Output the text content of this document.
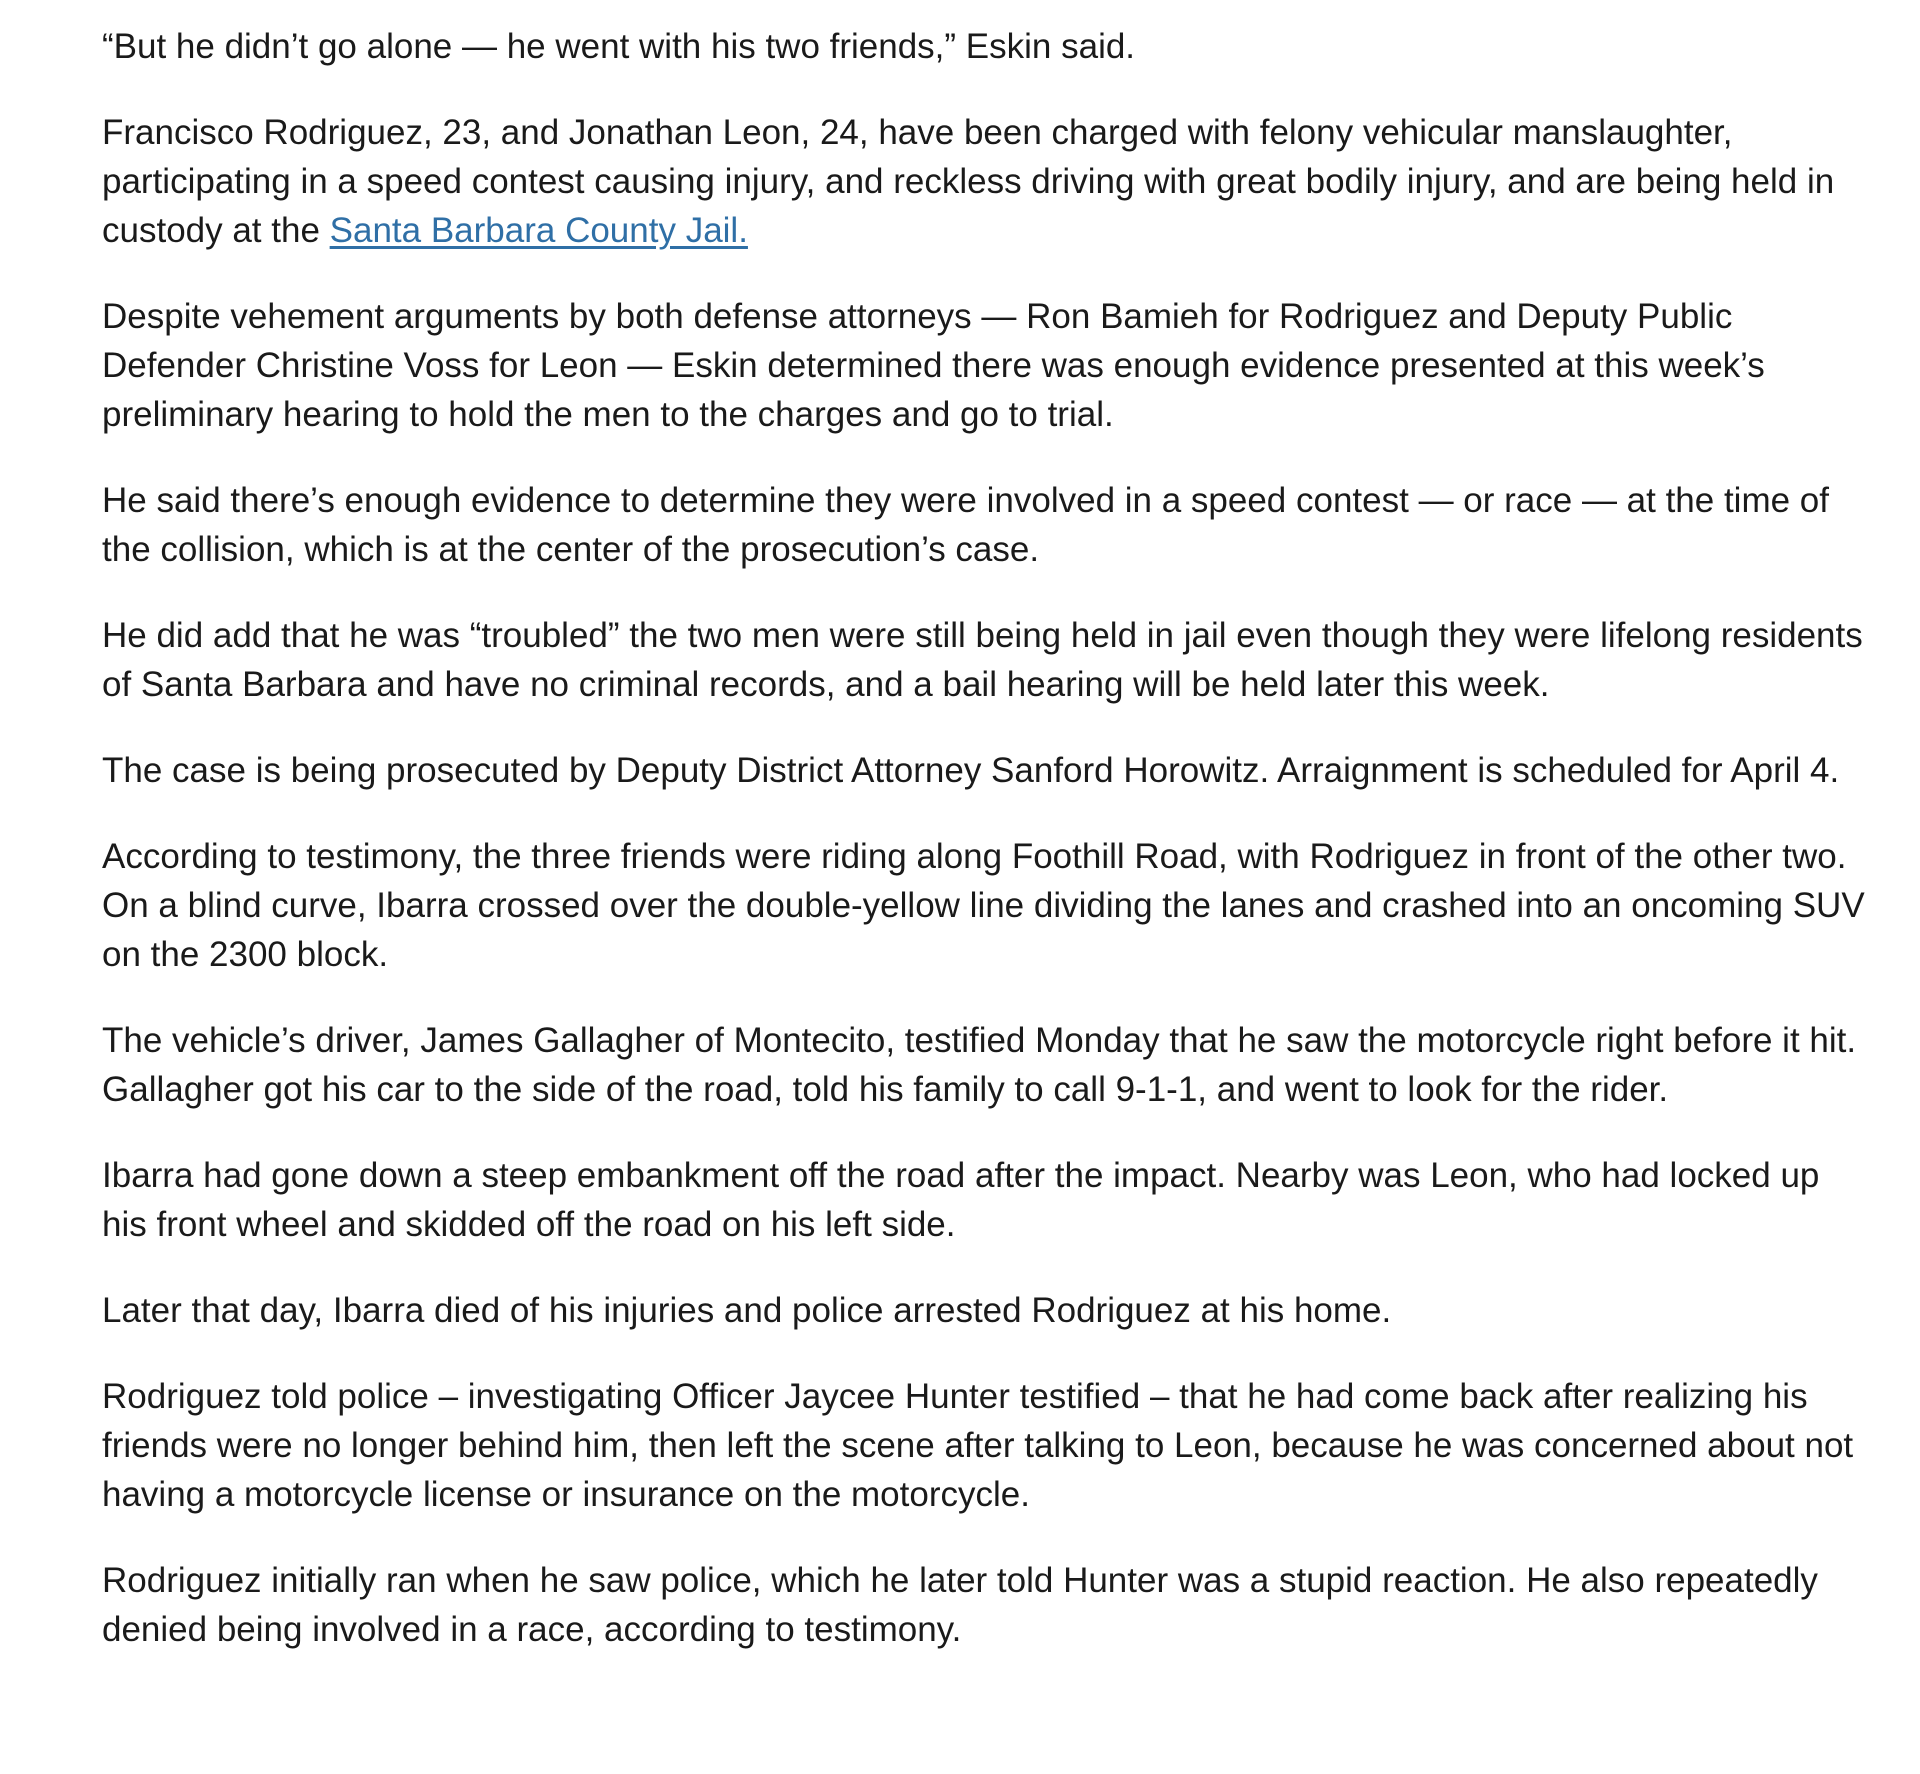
“But he didn’t go alone — he went with his two friends,” Eskin said.

Francisco Rodriguez, 23, and Jonathan Leon, 24, have been charged with felony vehicular manslaughter, participating in a speed contest causing injury, and reckless driving with great bodily injury, and are being held in custody at the Santa Barbara County Jail.

Despite vehement arguments by both defense attorneys — Ron Bamieh for Rodriguez and Deputy Public Defender Christine Voss for Leon — Eskin determined there was enough evidence presented at this week’s preliminary hearing to hold the men to the charges and go to trial.

He said there’s enough evidence to determine they were involved in a speed contest — or race — at the time of the collision, which is at the center of the prosecution’s case.

He did add that he was “troubled” the two men were still being held in jail even though they were lifelong residents of Santa Barbara and have no criminal records, and a bail hearing will be held later this week.

The case is being prosecuted by Deputy District Attorney Sanford Horowitz. Arraignment is scheduled for April 4.

According to testimony, the three friends were riding along Foothill Road, with Rodriguez in front of the other two. On a blind curve, Ibarra crossed over the double-yellow line dividing the lanes and crashed into an oncoming SUV on the 2300 block.

The vehicle’s driver, James Gallagher of Montecito, testified Monday that he saw the motorcycle right before it hit. Gallagher got his car to the side of the road, told his family to call 9-1-1, and went to look for the rider.

Ibarra had gone down a steep embankment off the road after the impact. Nearby was Leon, who had locked up his front wheel and skidded off the road on his left side.

Later that day, Ibarra died of his injuries and police arrested Rodriguez at his home.

Rodriguez told police – investigating Officer Jaycee Hunter testified – that he had come back after realizing his friends were no longer behind him, then left the scene after talking to Leon, because he was concerned about not having a motorcycle license or insurance on the motorcycle.

Rodriguez initially ran when he saw police, which he later told Hunter was a stupid reaction. He also repeatedly denied being involved in a race, according to testimony.
